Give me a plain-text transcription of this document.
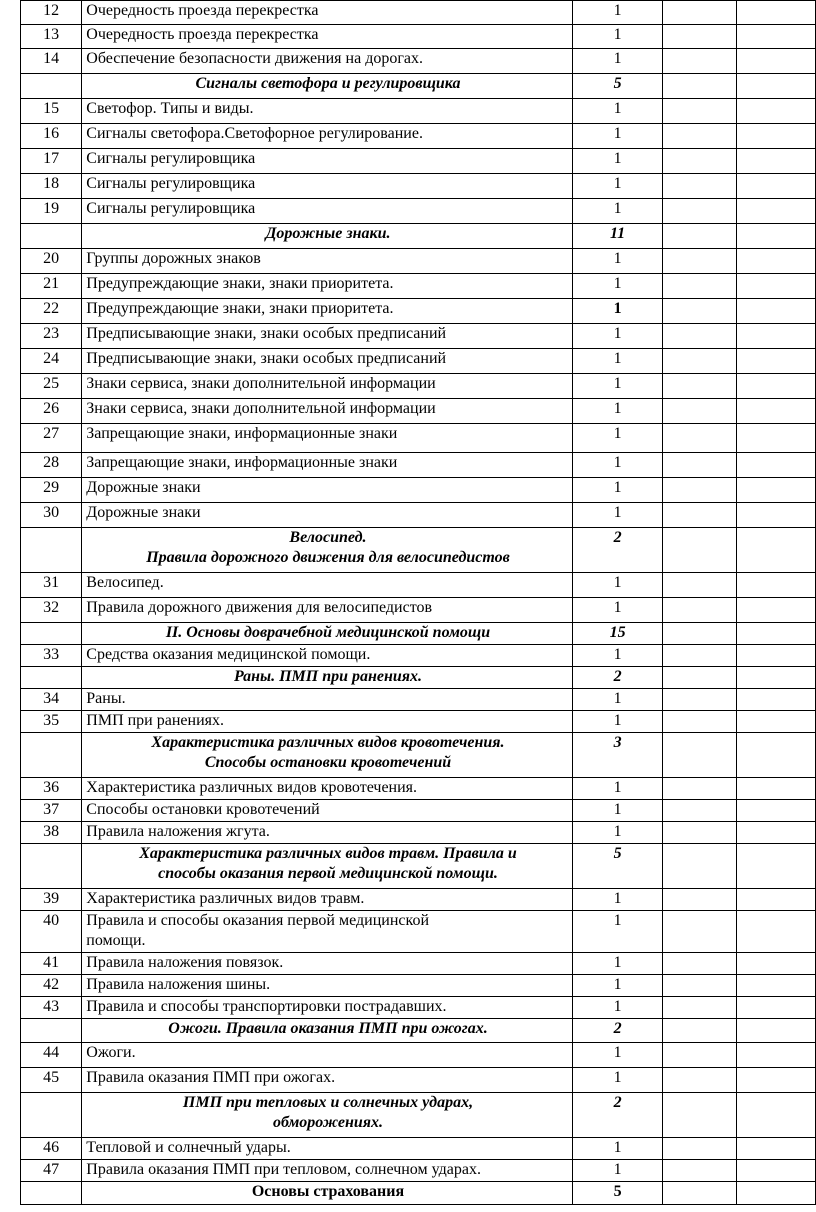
12	Очередность проезда перекрестка	1		
13	Очередность проезда перекрестка	1		
14	Обеспечение безопасности движения на дорогах.	1		
	Сигналы светофора и регулировщика	5		
15	Светофор. Типы и виды.	1		
16	Сигналы светофора.Светофорное регулирование.	1		
17	Сигналы регулировщика	1		
18	Сигналы регулировщика	1		
19	Сигналы регулировщика	1		
	Дорожные знаки.	11		
20	Группы дорожных знаков	1		
21	Предупреждающие знаки, знаки приоритета.	1		
22	Предупреждающие знаки, знаки приоритета.	1		
23	Предписывающие знаки, знаки особых предписаний	1		
24	Предписывающие знаки, знаки особых предписаний	1		
25	Знаки сервиса, знаки дополнительной информации	1		
26	Знаки сервиса, знаки дополнительной информации	1		
27	Запрещающие знаки, информационные знаки	1		
28	Запрещающие знаки, информационные знаки	1		
29	Дорожные знаки	1		
30	Дорожные знаки	1		
	Велосипед.
Правила дорожного движения для велосипедистов	2		
31	Велосипед.	1		
32	Правила дорожного движения для велосипедистов	1		
	II. Основы доврачебной медицинской помощи	15		
33	Средства оказания медицинской помощи.	1		
	Раны. ПМП при ранениях.	2		
34	Раны.	1		
35	ПМП при ранениях.	1		
	Характеристика различных видов кровотечения.
Способы остановки кровотечений	3		
36	Характеристика различных видов кровотечения.	1		
37	Способы остановки кровотечений	1		
38	Правила наложения жгута.	1		
	Характеристика различных видов травм. Правила и
способы оказания первой медицинской помощи.	5		
39	Характеристика различных видов травм.	1		
40	Правила и способы оказания первой медицинской
помощи.	1		
41	Правила наложения повязок.	1		
42	Правила наложения шины.	1		
43	Правила и способы транспортировки пострадавших.	1		
	Ожоги. Правила оказания ПМП при ожогах.	2		
44	Ожоги.	1		
45	Правила оказания ПМП при ожогах.	1		
	ПМП при тепловых и солнечных ударах,
обморожениях.	2		
46	Тепловой и солнечный удары.	1		
47	Правила оказания ПМП при тепловом, солнечном ударах.	1		
	Основы страхования	5		
